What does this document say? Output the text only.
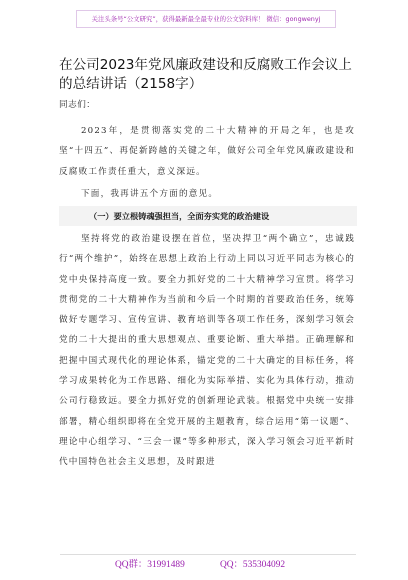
关注头条号“公文研究”，获得最新最全最专业的公文资料库！ 微信：gongwenyj
在公司2023年党风廉政建设和反腐败工作会议上的总结讲话（2158字）

同志们：

2023年，是贯彻落实党的二十大精神的开局之年，也是攻坚“十四五”、再促新跨越的关键之年，做好公司全年党风廉政建设和反腐败工作责任重大，意义深远。

下面，我再讲五个方面的意见。

（一）要立根铸魂强担当，全面夯实党的政治建设

坚持将党的政治建设摆在首位，坚决捍卫“两个确立”，忠诚践行“两个维护”，始终在思想上政治上行动上同以习近平同志为核心的党中央保持高度一致。要全力抓好党的二十大精神学习宣贯。将学习贯彻党的二十大精神作为当前和今后一个时期的首要政治任务，统筹做好专题学习、宣传宣讲、教育培训等各项工作任务，深刻学习领会党的二十大提出的重大思想观点、重要论断、重大举措。正确理解和把握中国式现代化的理论体系，锚定党的二十大确定的目标任务，将学习成果转化为工作思路、细化为实际举措、实化为具体行动，推动公司行稳致远。要全力抓好党的创新理论武装。根据党中央统一安排部署，精心组织即将在全党开展的主题教育，综合运用“第一议题”、理论中心组学习、“三会一课”等多种形式，深入学习领会习近平新时代中国特色社会主义思想，及时跟进

QQ群：31991489	QQ：535304092
